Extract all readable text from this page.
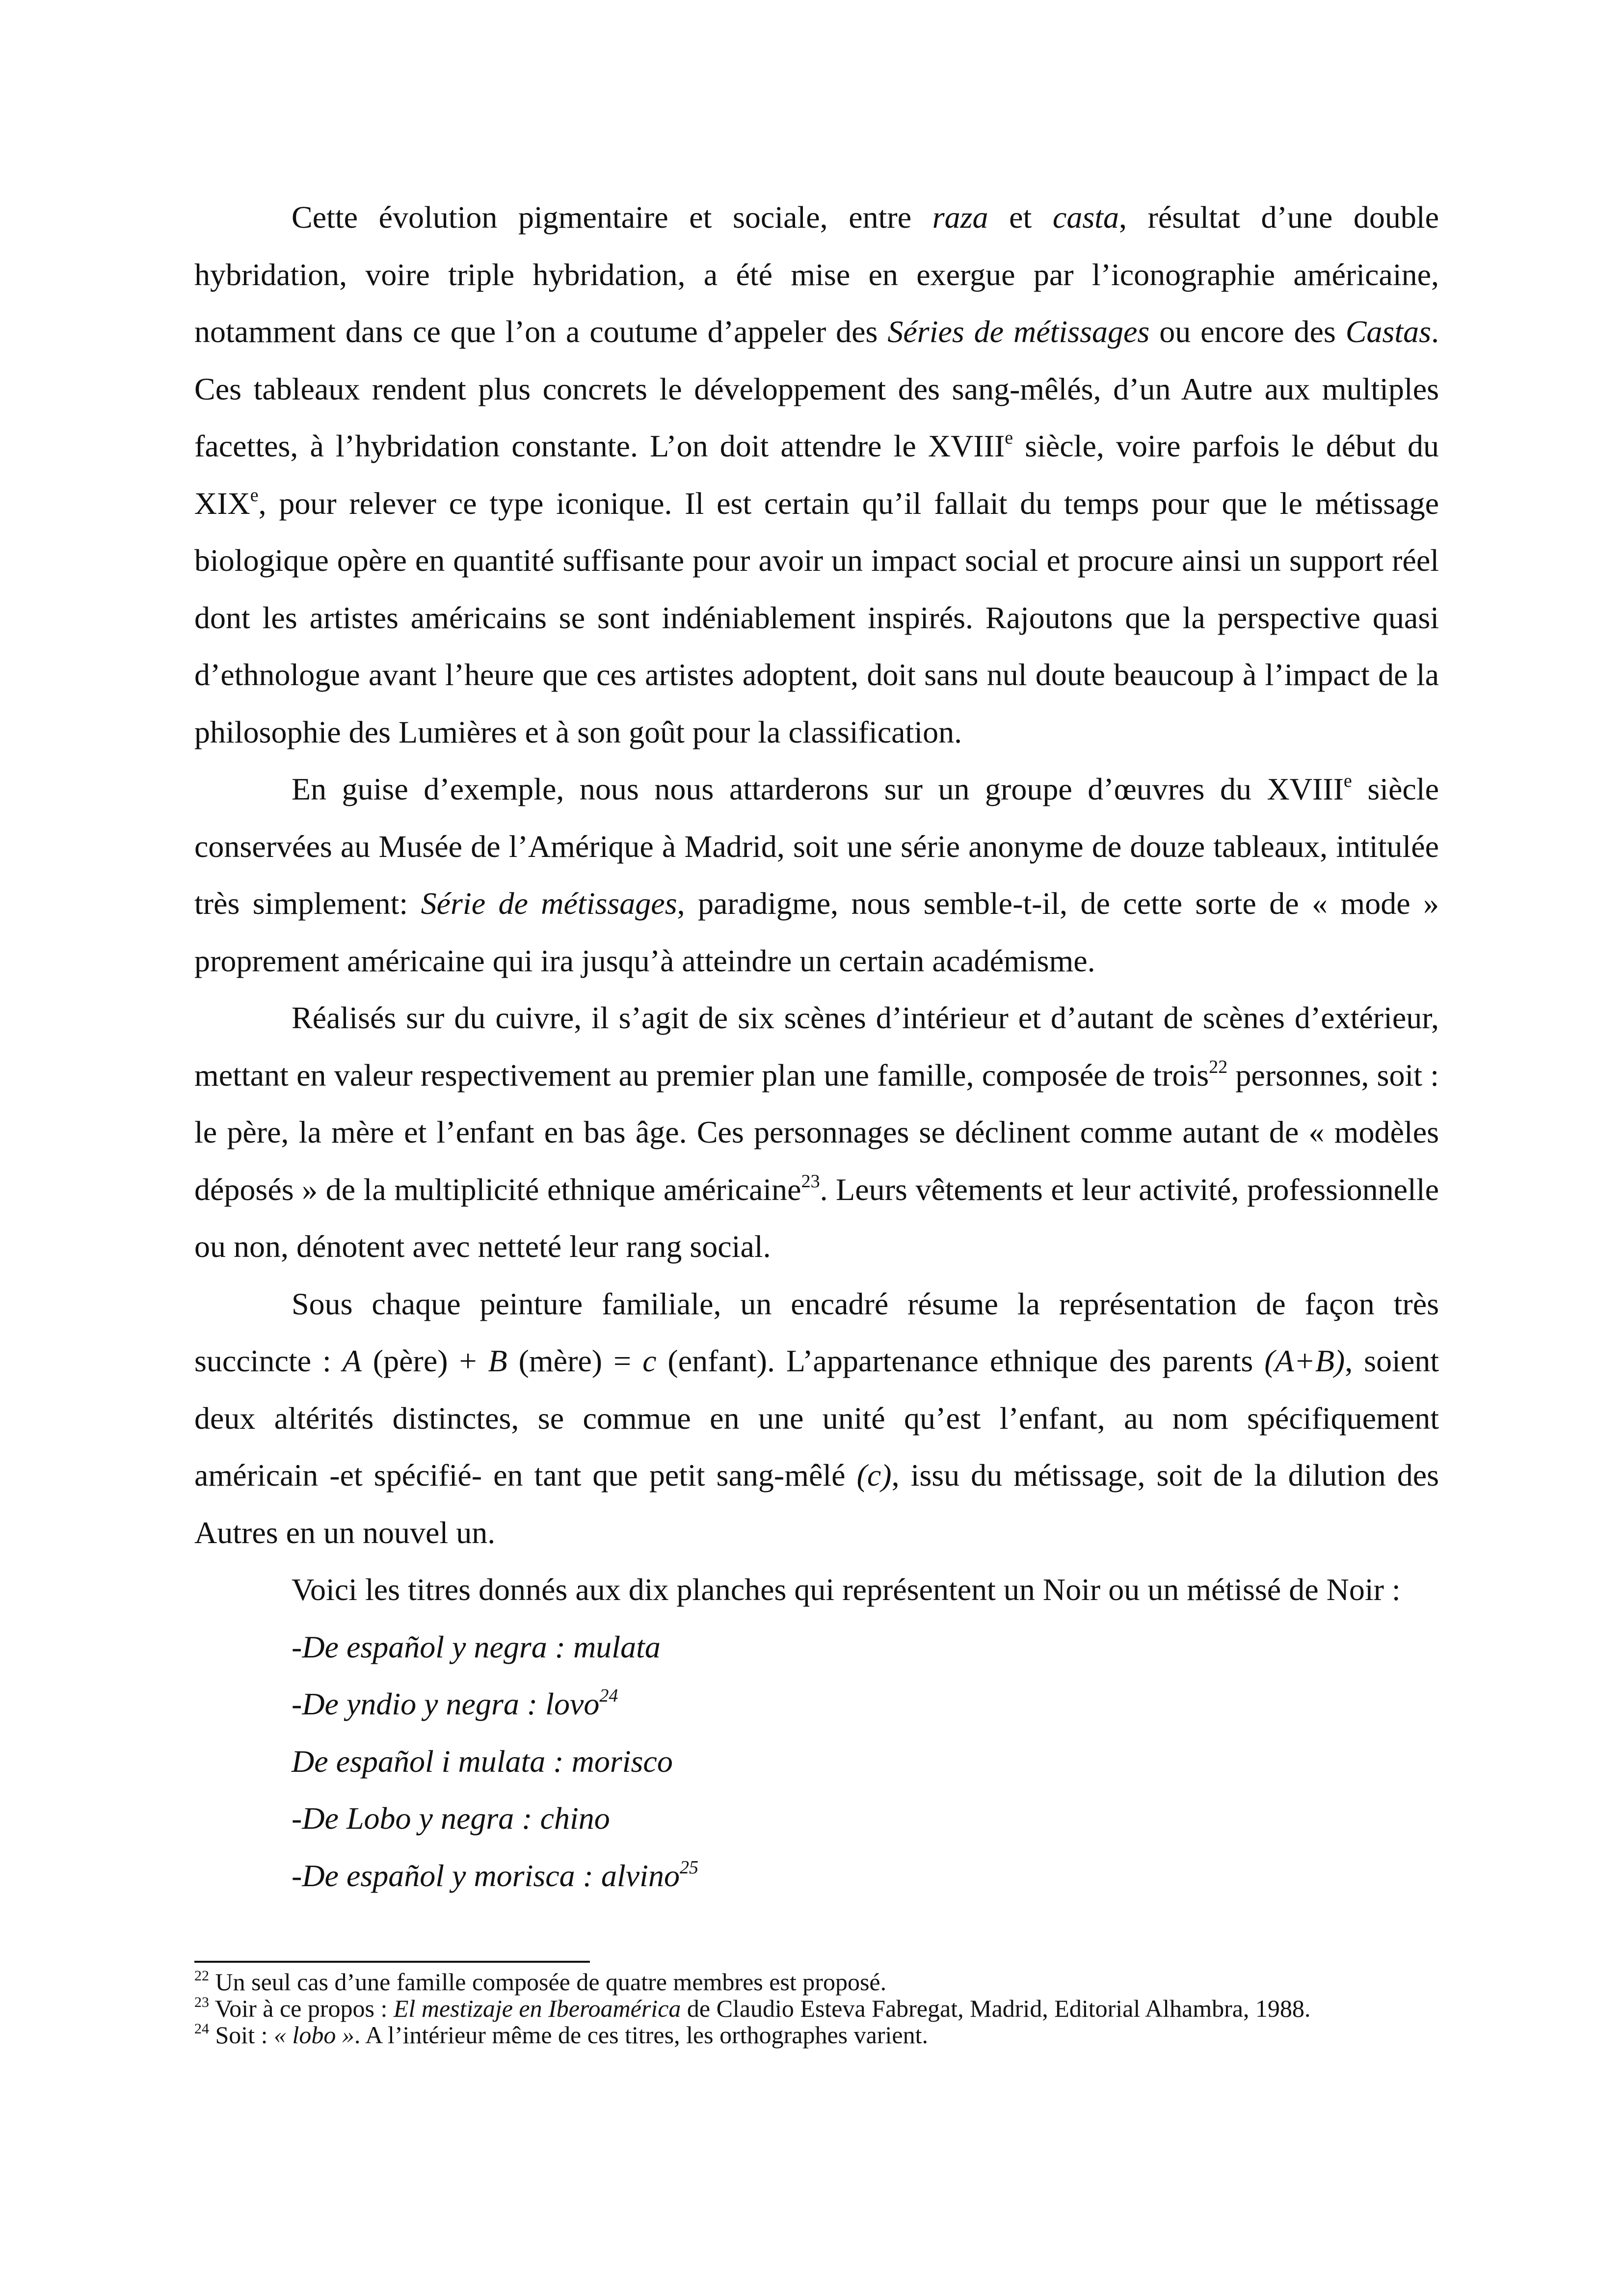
Cette évolution pigmentaire et sociale, entre raza et casta, résultat d’une double hybridation, voire triple hybridation, a été mise en exergue par l’iconographie américaine, notamment dans ce que l’on a coutume d’appeler des Séries de métissages ou encore des Castas. Ces tableaux rendent plus concrets le développement des sang-mêlés, d’un Autre aux multiples facettes, à l’hybridation constante. L’on doit attendre le XVIIIe siècle, voire parfois le début du XIXe, pour relever ce type iconique. Il est certain qu’il fallait du temps pour que le métissage biologique opère en quantité suffisante pour avoir un impact social et procure ainsi un support réel dont les artistes américains se sont indéniablement inspirés. Rajoutons que la perspective quasi d’ethnologue avant l’heure que ces artistes adoptent, doit sans nul doute beaucoup à l’impact de la philosophie des Lumières et à son goût pour la classification.

En guise d’exemple, nous nous attarderons sur un groupe d’œuvres du XVIIIe siècle conservées au Musée de l’Amérique à Madrid, soit une série anonyme de douze tableaux, intitulée très simplement: Série de métissages, paradigme, nous semble-t-il, de cette sorte de « mode » proprement américaine qui ira jusqu’à atteindre un certain académisme.

Réalisés sur du cuivre, il s’agit de six scènes d’intérieur et d’autant de scènes d’extérieur, mettant en valeur respectivement au premier plan une famille, composée de trois$^{22}$ personnes, soit : le père, la mère et l’enfant en bas âge. Ces personnages se déclinent comme autant de « modèles déposés » de la multiplicité ethnique américaine$^{23}$. Leurs vêtements et leur activité, professionnelle ou non, dénotent avec netteté leur rang social.

Sous chaque peinture familiale, un encadré résume la représentation de façon très succincte : A (père) + B (mère) = c (enfant). L’appartenance ethnique des parents (A+B), soient deux altérités distinctes, se commue en une unité qu’est l’enfant, au nom spécifiquement américain -et spécifié- en tant que petit sang-mêlé (c), issu du métissage, soit de la dilution des Autres en un nouvel un.

Voici les titres donnés aux dix planches qui représentent un Noir ou un métissé de Noir :

-De español y negra : mulata
-De yndio y negra : lovo$^{24}$
De español i mulata : morisco
-De Lobo y negra : chino
-De español y morisca : alvino$^{25}$

$^{22}$ Un seul cas d’une famille composée de quatre membres est proposé.

$^{23}$ Voir à ce propos : El mestizaje en Iberoamérica de Claudio Esteva Fabregat, Madrid, Editorial Alhambra, 1988.

$^{24}$ Soit : « lobo ». A l’intérieur même de ces titres, les orthographes varient.
